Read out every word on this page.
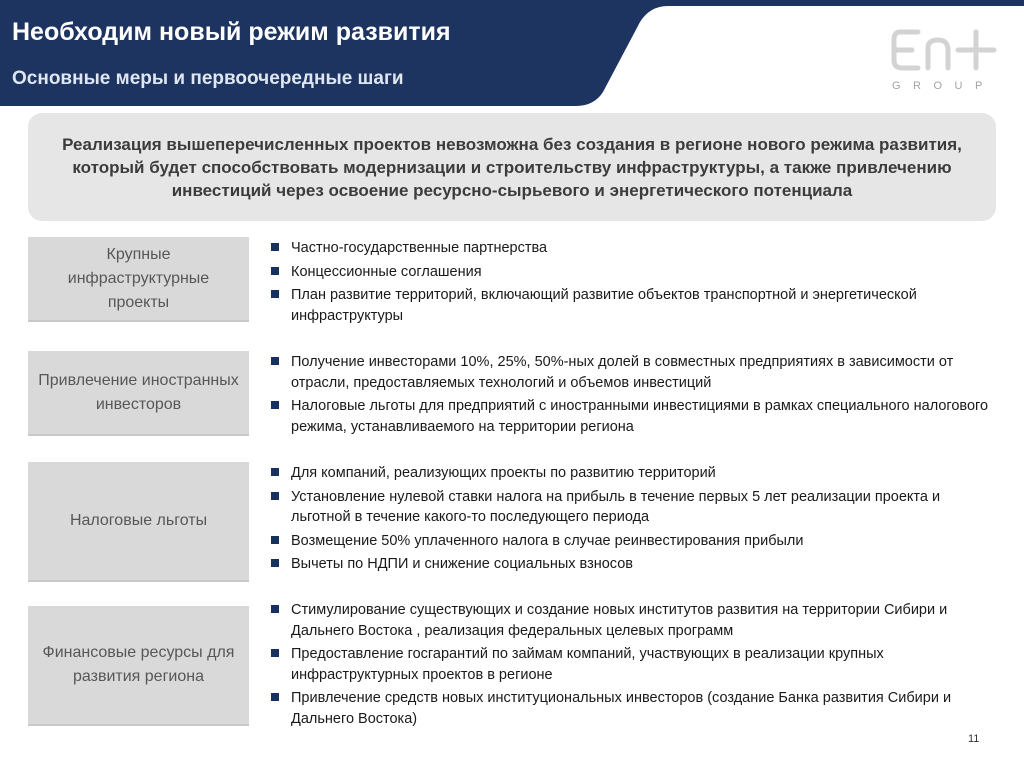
Необходим новый режим развития
Основные меры и первоочередные шаги	GROUP

Реализация вышеперечисленных проектов невозможна без создания в регионе нового режима развития, который будет способствовать модернизации и строительству инфраструктуры, а также привлечению инвестиций через освоение ресурсно-сырьевого и энергетического потенциала

Крупные инфраструктурные проекты
Частно-государственные партнерства
Концессионные соглашения
План развитие территорий, включающий развитие объектов транспортной и энергетической инфраструктуры
Привлечение иностранных инвесторов
Получение инвесторами 10%, 25%, 50%-ных долей в совместных предприятиях в зависимости от отрасли, предоставляемых технологий и объемов инвестиций
Налоговые льготы для предприятий с иностранными инвестициями в рамках специального налогового режима, устанавливаемого на территории региона
Налоговые льготы
Для компаний, реализующих проекты по развитию территорий
Установление нулевой ставки налога на прибыль в течение первых 5 лет реализации проекта и льготной в течение какого-то последующего периода
Возмещение 50% уплаченного налога в случае реинвестирования прибыли
Вычеты по НДПИ и снижение социальных взносов
Финансовые ресурсы для развития региона
Стимулирование существующих и создание новых институтов развития на территории Сибири и Дальнего Востока , реализация федеральных целевых программ
Предоставление госгарантий по займам компаний, участвующих в реализации крупных инфраструктурных проектов в регионе
Привлечение средств новых институциональных инвесторов (создание Банка развития Сибири и Дальнего Востока)
11
